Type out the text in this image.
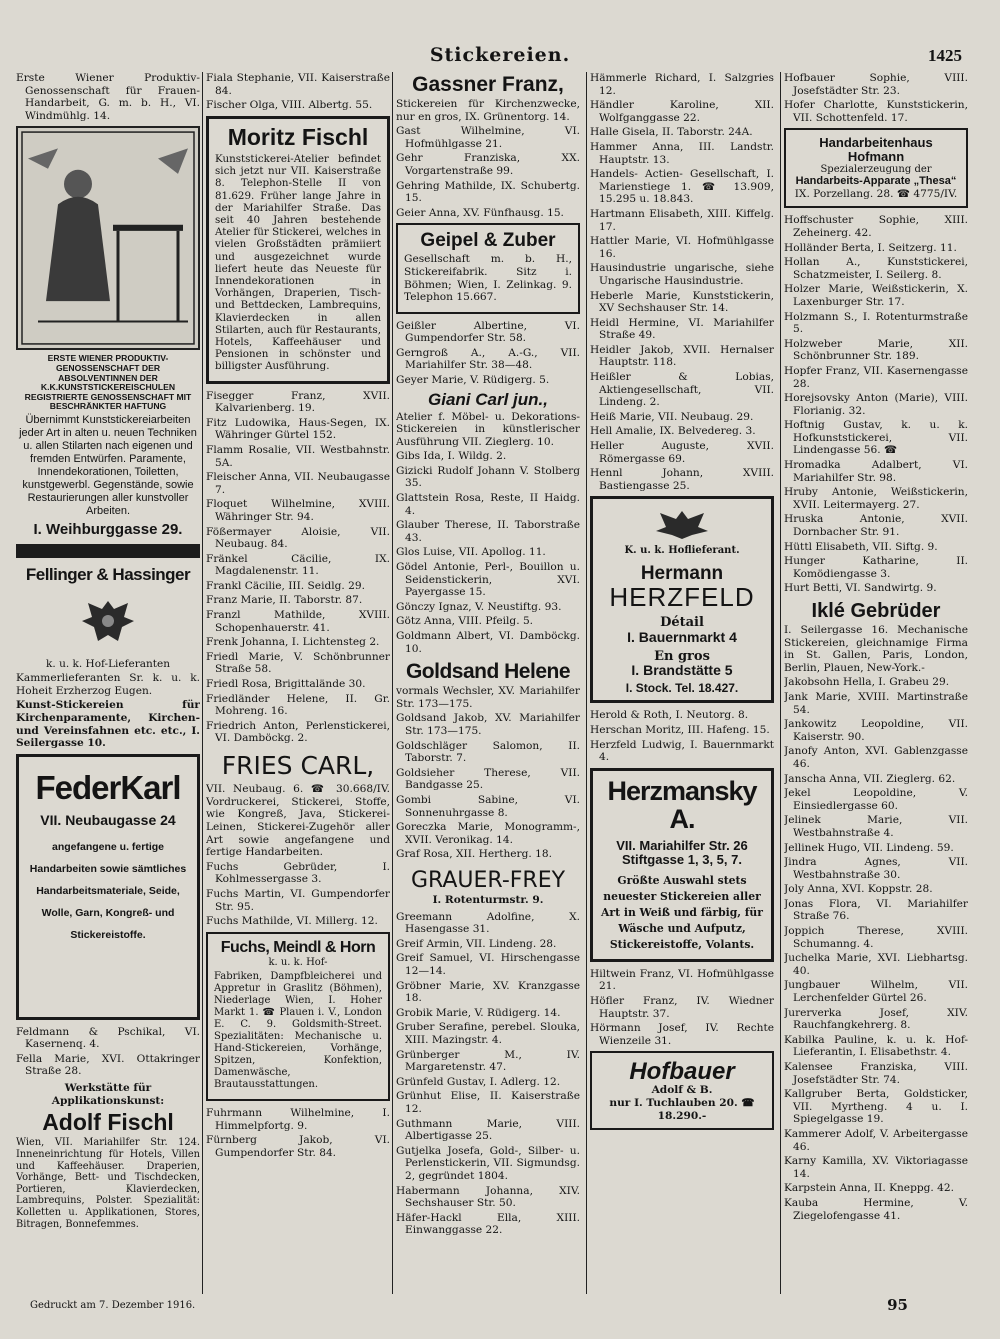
Stickereien.	1425
Erste Wiener Produktiv-Genossenschaft für Frauen-Handarbeit, G. m. b. H., VI. Windmühlg. 14.
ERSTE WIENER PRODUKTIV-GENOSSENSCHAFT DER ABSOLVENTINNEN DER K.K.KUNSTSTICKEREISCHULEN REGISTRIERTE GENOSSENSCHAFT MIT BESCHRÄNKTER HAFTUNG
Übernimmt Kunststickereiarbeiten jeder Art in alten u. neuen Techniken u. allen Stilarten nach eigenen und fremden Entwürfen. Paramente, Innendekorationen, Toiletten, kunstgewerbl. Gegenstände, sowie Restaurierungen aller kunstvoller Arbeiten.
I. Weihburggasse 29.
Fellinger & Hassinger
k. u. k. Hof-Lieferanten
Kammerlieferanten Sr. k. u. k. Hoheit Erzherzog Eugen.
Kunst-Stickereien für Kirchenparamente, Kirchen- und Vereinsfahnen etc. etc., I. Seilergasse 10.
FederKarl
VII. Neubaugasse 24
angefangene u. fertige Handarbeiten sowie sämtliches Handarbeitsmateriale, Seide, Wolle, Garn, Kongreß- und Stickereistoffe.
Feldmann & Pschikal, VI. Kasernenq. 4.
Fella Marie, XVI. Ottakringer Straße 28.
Werkstätte für Applikationskunst:
Adolf Fischl
Wien, VII. Mariahilfer Str. 124. Inneneinrichtung für Hotels, Villen und Kaffeehäuser. Draperien, Vorhänge, Bett- und Tischdecken, Portieren, Klavierdecken, Lambrequins, Polster. Spezialität: Kolletten u. Applikationen, Stores, Bitragen, Bonnefemmes.
Fiala Stephanie, VII. Kaiserstraße 84.
Fischer Olga, VIII. Albertg. 55.
Moritz Fischl
Kunststickerei-Atelier befindet sich jetzt nur VII. Kaiserstraße 8. Telephon-Stelle II von 81.629. Früher lange Jahre in der Mariahilfer Straße. Das seit 40 Jahren bestehende Atelier für Stickerei, welches in vielen Großstädten prämiiert und ausgezeichnet wurde liefert heute das Neueste für Innendekorationen in Vorhängen, Draperien, Tisch- und Bettdecken, Lambrequins, Klavierdecken in allen Stilarten, auch für Restaurants, Hotels, Kaffeehäuser und Pensionen in schönster und billigster Ausführung.
Fisegger Franz, XVII. Kalvarienberg. 19.
Fitz Ludowika, Haus-Segen, IX. Währinger Gürtel 152.
Flamm Rosalie, VII. Westbahnstr. 5A.
Fleischer Anna, VII. Neubaugasse 7.
Floquet Wilhelmine, XVIII. Währinger Str. 94.
Fößermayer Aloisie, VII. Neubaug. 84.
Fränkel Cäcilie, IX. Magdalenenstr. 11.
Frankl Cäcilie, III. Seidlg. 29.
Franz Marie, II. Taborstr. 87.
Franzl Mathilde, XVIII. Schopenhauerstr. 41.
Frenk Johanna, I. Lichtensteg 2.
Friedl Marie, V. Schönbrunner Straße 58.
Friedl Rosa, Brigittalände 30.
Friedländer Helene, II. Gr. Mohreng. 16.
Friedrich Anton, Perlenstickerei, VI. Damböckg. 2.
FRIES CARL,
VII. Neubaug. 6. ☎ 30.668/IV. Vordruckerei, Stickerei, Stoffe, wie Kongreß, Java, Stickerei-Leinen, Stickerei-Zugehör aller Art sowie angefangene und fertige Handarbeiten.
Fuchs Gebrüder, I. Kohlmessergasse 3.
Fuchs Martin, VI. Gumpendorfer Str. 95.
Fuchs Mathilde, VI. Millerg. 12.
Fuchs, Meindl & Horn
k. u. k. Hof-
Fabriken, Dampfbleicherei und Appretur in Graslitz (Böhmen), Niederlage Wien, I. Hoher Markt 1. ☎ Plauen i. V., London E. C. 9. Goldsmith-Street. Spezialitäten: Mechanische u. Hand-Stickereien, Vorhänge, Spitzen, Konfektion, Damenwäsche, Brautausstattungen.
Fuhrmann Wilhelmine, I. Himmelpfortg. 9.
Fürnberg Jakob, VI. Gumpendorfer Str. 84.
Gassner Franz,
Stickereien für Kirchenzwecke, nur en gros, IX. Grünentorg. 14.
Gast Wilhelmine, VI. Hofmühlgasse 21.
Gehr Franziska, XX. Vorgartenstraße 99.
Gehring Mathilde, IX. Schubertg. 15.
Geier Anna, XV. Fünfhausg. 15.
Geipel & Zuber
Gesellschaft m. b. H., Stickereifabrik. Sitz i. Böhmen; Wien, I. Zelinkag. 9. Telephon 15.667.
Geißler Albertine, VI. Gumpendorfer Str. 58.
Gerngroß A., A.-G., VII. Mariahilfer Str. 38—48.
Geyer Marie, V. Rüdigerg. 5.
Giani Carl jun.,
Atelier f. Möbel- u. Dekorations-Stickereien in künstlerischer Ausführung VII. Zieglerg. 10.
Gibs Ida, I. Wildg. 2.
Gizicki Rudolf Johann V. Stolberg 35.
Glattstein Rosa, Reste, II Haidg. 4.
Glauber Therese, II. Taborstraße 43.
Glos Luise, VII. Apollog. 11.
Gödel Antonie, Perl-, Bouillon u. Seidenstickerin, XVI. Payergasse 15.
Gönczy Ignaz, V. Neustiftg. 93.
Götz Anna, VIII. Pfeilg. 5.
Goldmann Albert, VI. Damböckg. 10.
Goldsand Helene
vormals Wechsler, XV. Mariahilfer Str. 173—175.
Goldsand Jakob, XV. Mariahilfer Str. 173—175.
Goldschläger Salomon, II. Taborstr. 7.
Goldsieher Therese, VII. Bandgasse 25.
Gombi Sabine, VI. Sonnenuhrgasse 8.
Goreczka Marie, Monogramm-, XVII. Veronikag. 14.
Graf Rosa, XII. Hertherg. 18.
GRAUER-FREY
I. Rotenturmstr. 9.
Greemann Adolfine, X. Hasengasse 31.
Greif Armin, VII. Lindeng. 28.
Greif Samuel, VI. Hirschengasse 12—14.
Gröbner Marie, XV. Kranzgasse 18.
Grobik Marie, V. Rüdigerg. 14.
Gruber Serafine, perebel. Slouka, XIII. Mazingstr. 4.
Grünberger M., IV. Margaretenstr. 47.
Grünfeld Gustav, I. Adlerg. 12.
Grünhut Elise, II. Kaiserstraße 12.
Guthmann Marie, VIII. Albertigasse 25.
Gutjelka Josefa, Gold-, Silber- u. Perlenstickerin, VII. Sigmundsg. 2, gegründet 1804.
Habermann Johanna, XIV. Sechshauser Str. 50.
Häfer-Hackl Ella, XIII. Einwanggasse 22.
Hämmerle Richard, I. Salzgries 12.
Händler Karoline, XII. Wolfganggasse 22.
Halle Gisela, II. Taborstr. 24A.
Hammer Anna, III. Landstr. Hauptstr. 13.
Handels- Actien- Gesellschaft, I. Marienstiege 1. ☎ 13.909, 15.295 u. 18.843.
Hartmann Elisabeth, XIII. Kiffelg. 17.
Hattler Marie, VI. Hofmühlgasse 16.
Hausindustrie ungarische, siehe Ungarische Hausindustrie.
Heberle Marie, Kunststickerin, XV Sechshauser Str. 14.
Heidl Hermine, VI. Mariahilfer Straße 49.
Heidler Jakob, XVII. Hernalser Hauptstr. 118.
Heißler & Lobias, Aktiengesellschaft, VII. Lindeng. 2.
Heiß Marie, VII. Neubaug. 29.
Hell Amalie, IX. Belvedereg. 3.
Heller Auguste, XVII. Römergasse 69.
Hennl Johann, XVIII. Bastiengasse 25.
K. u. k. Hoflieferant.
Hermann
HERZFELD
Détail
I. Bauernmarkt 4
En gros
I. Brandstätte 5
I. Stock. Tel. 18.427.
Herold & Roth, I. Neutorg. 8.
Herschan Moritz, III. Hafeng. 15.
Herzfeld Ludwig, I. Bauernmarkt 4.
Herzmansky A.
VII. Mariahilfer Str. 26
Stiftgasse 1, 3, 5, 7.
Größte Auswahl stets neuester Stickereien aller Art in Weiß und färbig, für Wäsche und Aufputz, Stickereistoffe, Volants.
Hiltwein Franz, VI. Hofmühlgasse 21.
Höfler Franz, IV. Wiedner Hauptstr. 37.
Hörmann Josef, IV. Rechte Wienzeile 31.
Hofbauer
Adolf & B.
nur I. Tuchlauben 20. ☎ 18.290.-
Hofbauer Sophie, VIII. Josefstädter Str. 23.
Hofer Charlotte, Kunststickerin, VII. Schottenfeld. 17.
Handarbeitenhaus Hofmann
Spezialerzeugung der
Handarbeits-Apparate „Thesa“
IX. Porzellang. 28. ☎ 4775/IV.
Hoffschuster Sophie, XIII. Zeheinerg. 42.
Holländer Berta, I. Seitzerg. 11.
Hollan A., Kunststickerei, Schatzmeister, I. Seilerg. 8.
Holzer Marie, Weißstickerin, X. Laxenburger Str. 17.
Holzmann S., I. Rotenturmstraße 5.
Holzweber Marie, XII. Schönbrunner Str. 189.
Hopfer Franz, VII. Kasernengasse 28.
Horejsovsky Anton (Marie), VIII. Florianig. 32.
Hoftnig Gustav, k. u. k. Hofkunststickerei, VII. Lindengasse 56. ☎
Hromadka Adalbert, VI. Mariahilfer Str. 98.
Hruby Antonie, Weißstickerin, XVII. Leitermayerg. 27.
Hruska Antonie, XVII. Dornbacher Str. 91.
Hüttl Elisabeth, VII. Siftg. 9.
Hunger Katharine, II. Komödiengasse 3.
Hurt Betti, VI. Sandwirtg. 9.
Iklé Gebrüder
I. Seilergasse 16. Mechanische Stickereien, gleichnamige Firma in St. Gallen, Paris, London, Berlin, Plauen, New-York.-
Jakobsohn Hella, I. Grabeu 29.
Jank Marie, XVIII. Martinstraße 54.
Jankowitz Leopoldine, VII. Kaiserstr. 90.
Janofy Anton, XVI. Gablenzgasse 46.
Janscha Anna, VII. Zieglerg. 62.
Jekel Leopoldine, V. Einsiedlergasse 60.
Jelinek Marie, VII. Westbahnstraße 4.
Jellinek Hugo, VII. Lindeng. 59.
Jindra Agnes, VII. Westbahnstraße 30.
Joly Anna, XVI. Koppstr. 28.
Jonas Flora, VI. Mariahilfer Straße 76.
Joppich Therese, XVIII. Schumanng. 4.
Juchelka Marie, XVI. Liebhartsg. 40.
Jungbauer Wilhelm, VII. Lerchenfelder Gürtel 26.
Jurerverka Josef, XIV. Rauchfangkehrerg. 8.
Kabilka Pauline, k. u. k. Hof-Lieferantin, I. Elisabethstr. 4.
Kalensee Franziska, VIII. Josefstädter Str. 74.
Kallgruber Berta, Goldsticker, VII. Myrtheng. 4 u. I. Spiegelgasse 19.
Kammerer Adolf, V. Arbeitergasse 46.
Karny Kamilla, XV. Viktoriagasse 14.
Karpstein Anna, II. Kneppg. 42.
Kauba Hermine, V. Ziegelofengasse 41.
Gedruckt am 7. Dezember 1916.	95
